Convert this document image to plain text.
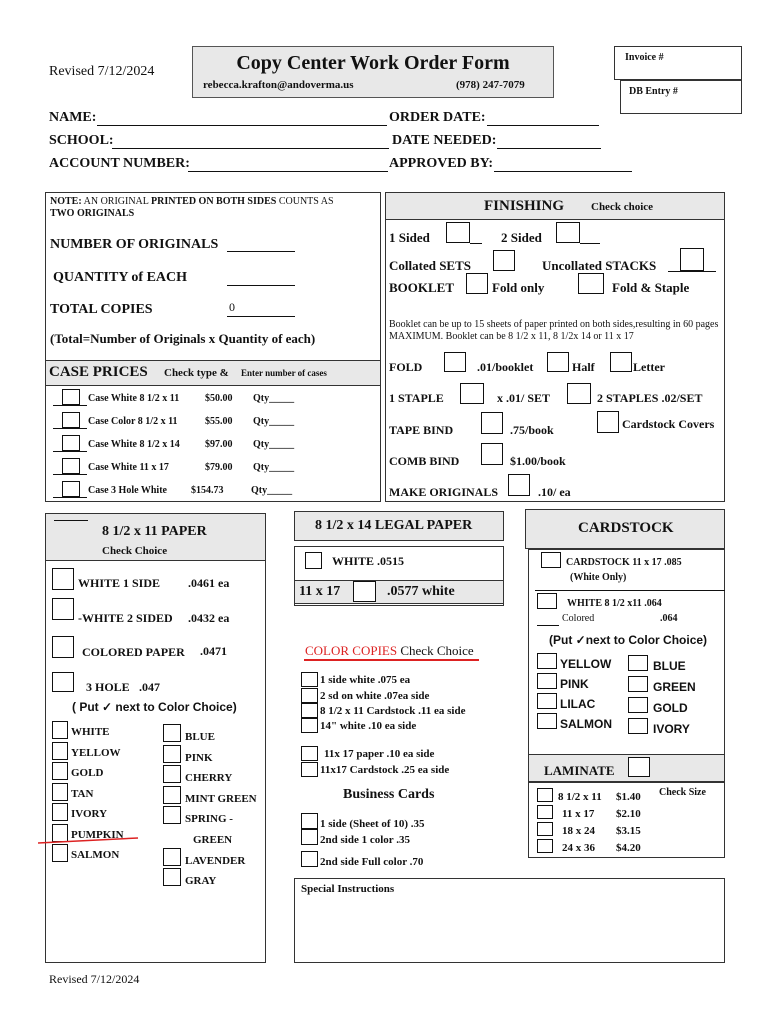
Revised 7/12/2024	Copy Center Work Order Form
rebecca.krafton@andoverma.us	(978) 247-7079
Invoice #
DB Entry #
NAME:	ORDER DATE:
SCHOOL:	DATE NEEDED:
ACCOUNT NUMBER:	APPROVED BY:
NOTE: AN ORIGINAL PRINTED ON BOTH SIDES COUNTS AS
TWO ORIGINALS
NUMBER OF ORIGINALS
QUANTITY of EACH
TOTAL COPIES	0
(Total=Number of Originals x Quantity of each)
CASE PRICES Check type & Enter number of cases
Case White 8 1/2 x 11	$50.00 Qty_____
Case Color 8 1/2 x 11	$55.00 Qty_____
Case White 8 1/2 x 14	$97.00 Qty_____
Case White 11 x 17	$79.00 Qty_____
Case 3 Hole White $154.73	Qty_____
FINISHING Check choice
1 Sided	2 Sided
Collated SETS	Uncollated STACKS
BOOKLET	Fold only	Fold & Staple
Booklet can be up to 15 sheets of paper printed on both sides,resulting in 60 pages MAXIMUM. Booklet can be 8 1/2 x 11, 8 1/2x 14 or 11 x 17
FOLD	.01/booklet	Half	Letter
1 STAPLE	x .01/ SET	2 STAPLES .02/SET
TAPE BIND	.75/book	Cardstock Covers
COMB BIND	$1.00/book
MAKE ORIGINALS	.10/ ea
8 1/2 x 11 PAPER
Check Choice
WHITE 1 SIDE .0461 ea
-WHITE 2 SIDED .0432 ea
COLORED PAPER .0471
3 HOLE .047
( Put ✓ next to Color Choice)
WHITE
YELLOW
GOLD
TAN
IVORY
PUMPKIN
SALMON
BLUE
PINK
CHERRY
MINT GREEN
SPRING -
GREEN
LAVENDER
GRAY
8 1/2 x 14 LEGAL PAPER
WHITE .0515
11 x 17	.0577 white
COLOR COPIES Check Choice
1 side white .075 ea
2 sd on white .07ea side
8 1/2 x 11 Cardstock .11 ea side
14" white .10 ea side
11x 17 paper .10 ea side
11x17 Cardstock .25 ea side
Business Cards
1 side (Sheet of 10) .35
2nd side 1 color .35
2nd side Full color .70
CARDSTOCK
CARDSTOCK 11 x 17 .085
(White Only)
WHITE 8 1/2 x11 .064
Colored	.064
(Put ✓next to Color Choice)
YELLOW
PINK
LILAC
SALMON
BLUE
GREEN
GOLD
IVORY
LAMINATE
Check Size
8 1/2 x 11 $1.40
11 x 17 $2.10
18 x 24 $3.15
24 x 36 $4.20
Special Instructions
Revised 7/12/2024
